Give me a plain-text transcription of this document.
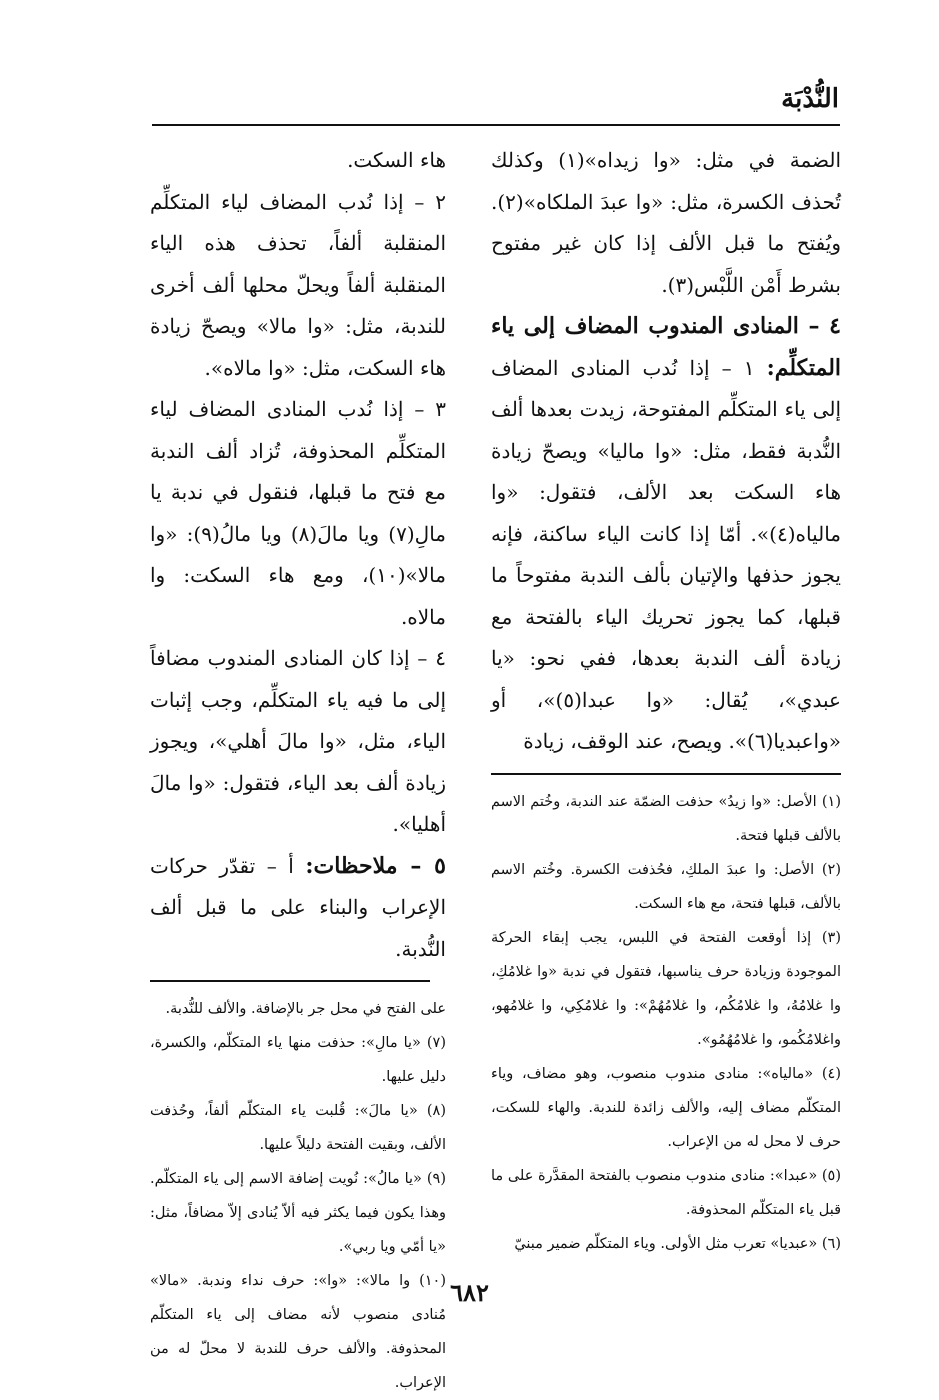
النُّدْبَة

الضمة في مثل: «وا زيداه»(١) وكذلك تُحذف الكسرة، مثل: «وا عبدَ الملكاه»(٢). ويُفتح ما قبل الألف إذا كان غير مفتوح بشرط أَمْن اللَّبْس(٣).

٤ – المنادى المندوب المضاف إلى ياء المتكلِّم: ١ – إذا نُدب المنادى المضاف إلى ياء المتكلِّم المفتوحة، زيدت بعدها ألف النُّدبة فقط، مثل: «وا ماليا» ويصحّ زيادة هاء السكت بعد الألف، فتقول: «وا مالياه(٤)». أمّا إذا كانت الياء ساكنة، فإنه يجوز حذفها والإتيان بألف الندبة مفتوحاً ما قبلها، كما يجوز تحريك الياء بالفتحة مع زيادة ألف الندبة بعدها، ففي نحو: «يا عبدي»، يُقال: «وا عبدا(٥)»، أو «واعبديا(٦)». ويصح، عند الوقف، زيادة

(١) الأصل: «وا زيدُ» حذفت الضمّة عند الندبة، وخُتم الاسم بالألف قبلها فتحة.

(٢) الأصل: وا عبدَ الملكِ، فحُذفت الكسرة. وخُتم الاسم بالألف، قبلها فتحة، مع هاء السكت.

(٣) إذا أوقعت الفتحة في اللبس، يجب إبقاء الحركة الموجودة وزيادة حرف يناسبها، فتقول في ندبة «وا غلامُكِ، وا غلامُهُ، وا غلامُكُم، وا غلامُهُمْ»: وا غلامُكِي، وا غلامُهو، واغلامُكُمو، وا غلامُهُمُو».

(٤) «مالياه»: منادى مندوب منصوب، وهو مضاف، وياء المتكلّم مضاف إليه، والألف زائدة للندبة. والهاء للسكت، حرف لا محل له من الإعراب.

(٥) «عبدا»: منادى مندوب منصوب بالفتحة المقدَّرة على ما قبل ياء المتكلّم المحذوفة.

(٦) «عبديا» تعرب مثل الأولى. وياء المتكلّم ضمير مبنيّ

هاء السكت.

٢ – إذا نُدب المضاف لياء المتكلِّم المنقلبة ألفاً، تحذف هذه الياء المنقلبة ألفاً ويحلّ محلها ألف أخرى للندبة، مثل: «وا مالا» ويصحّ زيادة هاء السكت، مثل: «وا مالاه».

٣ – إذا نُدب المنادى المضاف لياء المتكلِّم المحذوفة، تُزاد ألف الندبة مع فتح ما قبلها، فنقول في ندبة يا مالِ(٧) ويا مالَ(٨) ويا مالُ(٩): «وا مالا»(١٠)، ومع هاء السكت: وا مالاه.

٤ – إذا كان المنادى المندوب مضافاً إلى ما فيه ياء المتكلِّم، وجب إثبات الياء، مثل، «وا مالَ أهلي»، ويجوز زيادة ألف بعد الياء، فتقول: «وا مالَ أهليا».

٥ – ملاحظات: أ – تقدّر حركات الإعراب والبناء على ما قبل ألف النُّدبة.

على الفتح في محل جر بالإضافة. والألف للنُّدبة.

(٧) «يا مالِ»: حذفت منها ياء المتكلّم، والكسرة، دليل عليها.

(٨) «يا مالَ»: قُلبت ياء المتكلّم ألفاً، وحُذفت الألف، وبقيت الفتحة دليلاً عليها.

(٩) «يا مالُ»: نُويت إضافة الاسم إلى ياء المتكلّم. وهذا يكون فيما يكثر فيه ألاّ يُنادى إلاّ مضافاً، مثل: «يا أمّي ويا ربي».

(١٠) وا مالا»: «وا»: حرف نداء وندبة. «مالا» مُنادى منصوب لأنه مضاف إلى ياء المتكلّم المحذوفة. والألف حرف للندبة لا محلّ له من الإعراب.

٦٨٢
